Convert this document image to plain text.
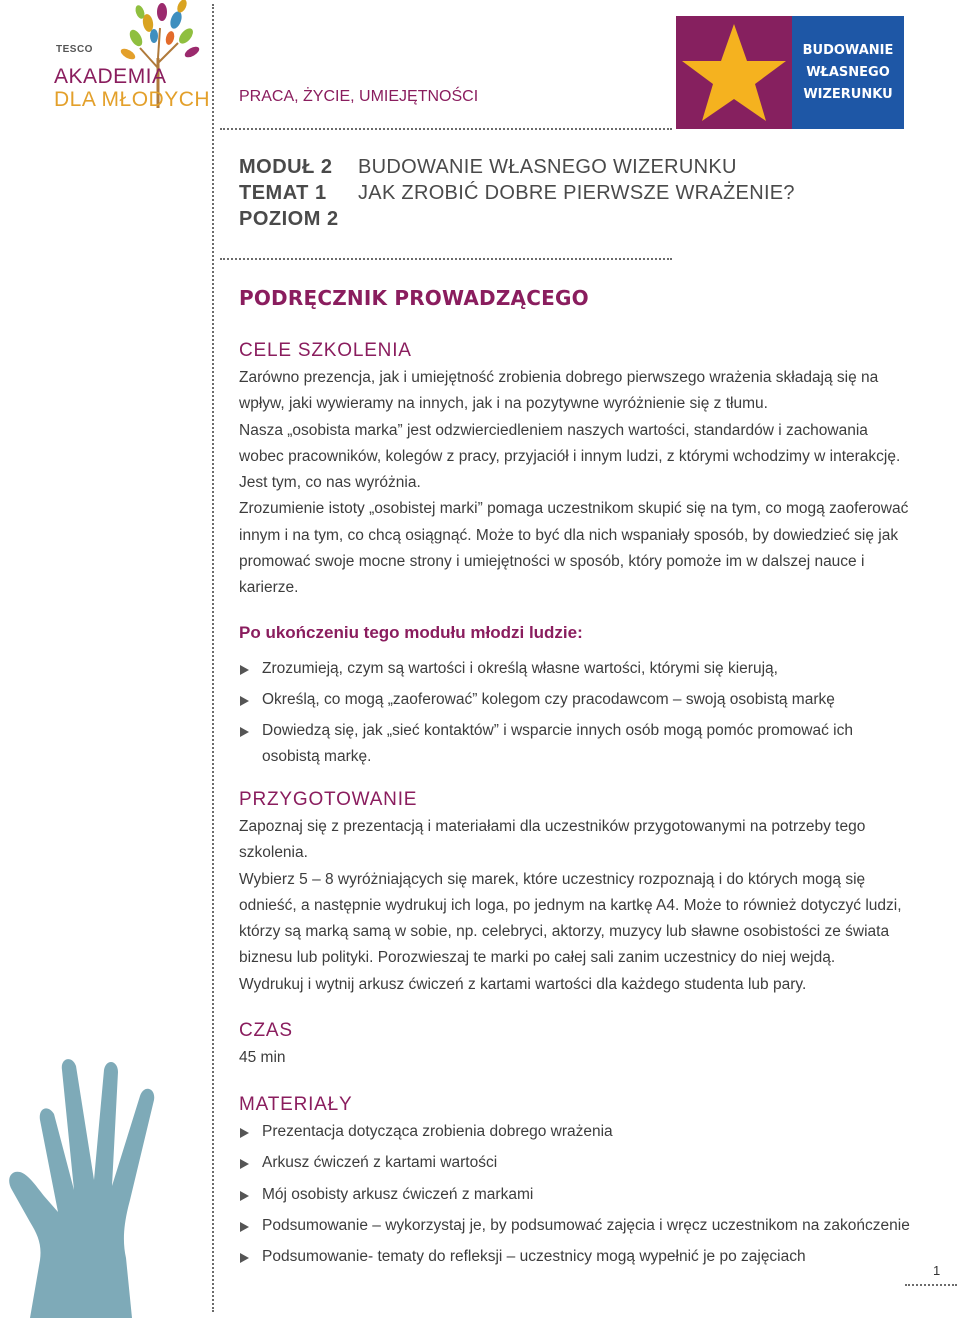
TESCO
AKADEMIA
DLA MŁODYCH PRACA, ŻYCIE, UMIEJĘTNOŚCI
BUDOWANIE
WŁASNEGO
WIZERUNKU
MODUŁ 2 BUDOWANIE WŁASNEGO WIZERUNKU
TEMAT 1 JAK ZROBIĆ DOBRE PIERWSZE WRAŻENIE?
POZIOM 2
PODRĘCZNIK PROWADZĄCEGO
CELE SZKOLENIA

Zarówno prezencja, jak i umiejętność zrobienia dobrego pierwszego wrażenia składają się na wpływ, jaki wywieramy na innych, jak i na pozytywne wyróżnienie się z tłumu.

Nasza „osobista marka” jest odzwierciedleniem naszych wartości, standardów i zachowania wobec pracowników, kolegów z pracy, przyjaciół i innym ludzi, z którymi wchodzimy w interakcję. Jest tym, co nas wyróżnia.

Zrozumienie istoty „osobistej marki” pomaga uczestnikom skupić się na tym, co mogą zaoferować innym i na tym, co chcą osiągnąć. Może to być dla nich wspaniały sposób, by dowiedzieć się jak promować swoje mocne strony i umiejętności w sposób, który pomoże im w dalszej nauce i karierze.

Po ukończeniu tego modułu młodzi ludzie:
Zrozumieją, czym są wartości i określą własne wartości, którymi się kierują,
Określą, co mogą „zaoferować” kolegom czy pracodawcom – swoją osobistą markę
Dowiedzą się, jak „sieć kontaktów” i wsparcie innych osób mogą pomóc promować ich osobistą markę.
PRZYGOTOWANIE

Zapoznaj się z prezentacją i materiałami dla uczestników przygotowanymi na potrzeby tego szkolenia.

Wybierz 5 – 8 wyróżniających się marek, które uczestnicy rozpoznają i do których mogą się odnieść, a następnie wydrukuj ich loga, po jednym na kartkę A4. Może to również dotyczyć ludzi, którzy są marką samą w sobie, np. celebryci, aktorzy, muzycy lub sławne osobistości ze świata biznesu lub polityki. Porozwieszaj te marki po całej sali zanim uczestnicy do niej wejdą.

Wydrukuj i wytnij arkusz ćwiczeń z kartami wartości dla każdego studenta lub pary.

CZAS
45 min
MATERIAŁY
Prezentacja dotycząca zrobienia dobrego wrażenia
Arkusz ćwiczeń z kartami wartości
Mój osobisty arkusz ćwiczeń z markami
Podsumowanie – wykorzystaj je, by podsumować zajęcia i wręcz uczestnikom na zakończenie
Podsumowanie- tematy do refleksji – uczestnicy mogą wypełnić je po zajęciach
1
